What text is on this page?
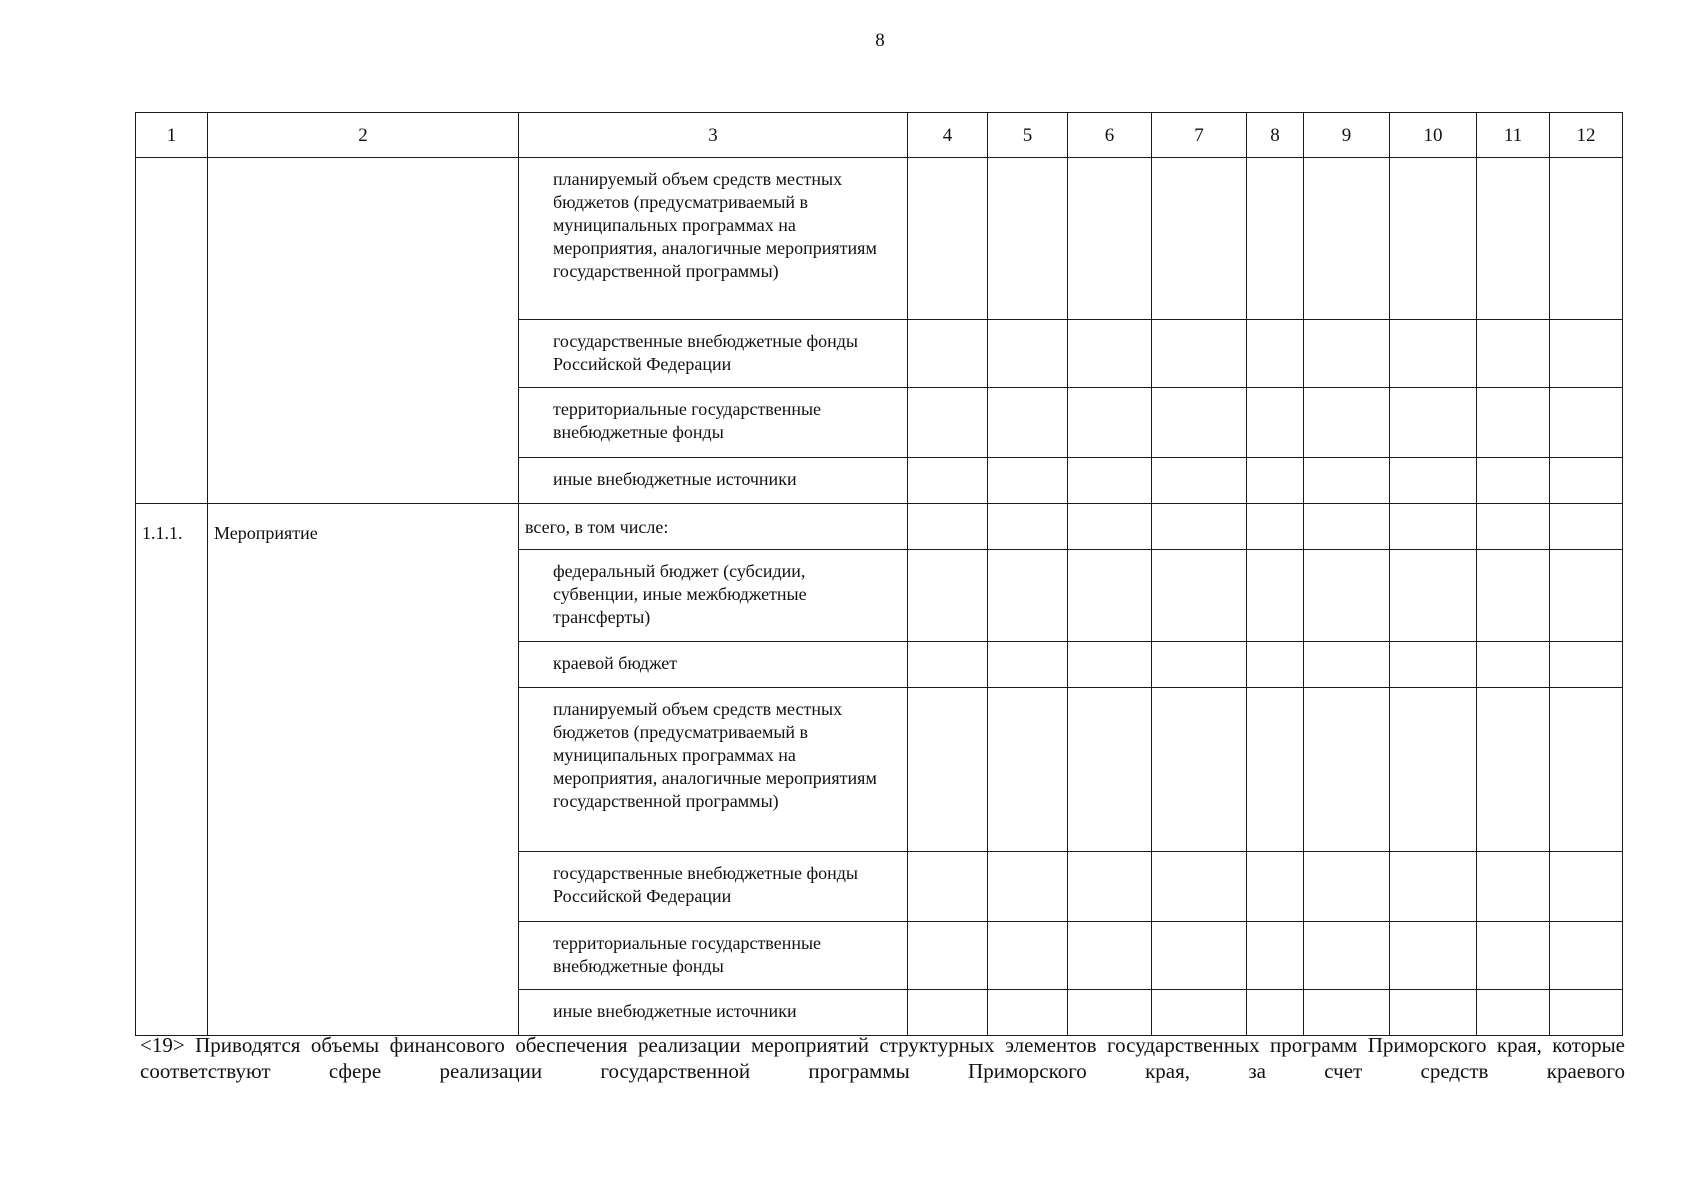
8
1	2	3	4	5	6	7	8	9	10	11	12
		планируемый объем средств местных бюджетов (предусматриваемый в муниципальных программах на мероприятия, аналогичные мероприятиям государственной программы)									
		государственные внебюджетные фонды Российской Федерации									
		территориальные государственные внебюджетные фонды									
		иные внебюджетные источники									
1.1.1.	Мероприятие	всего, в том числе:									
		федеральный бюджет (субсидии, субвенции, иные межбюджетные трансферты)									
		краевой бюджет									
		планируемый объем средств местных бюджетов (предусматриваемый в муниципальных программах на мероприятия, аналогичные мероприятиям государственной программы)									
		государственные внебюджетные фонды Российской Федерации									
		территориальные государственные внебюджетные фонды									
		иные внебюджетные источники									
<19> Приводятся объемы финансового обеспечения реализации мероприятий структурных элементов государственных программ Приморского края, которые соответствуют сфере реализации государственной программы Приморского края, за счет средств краевого
